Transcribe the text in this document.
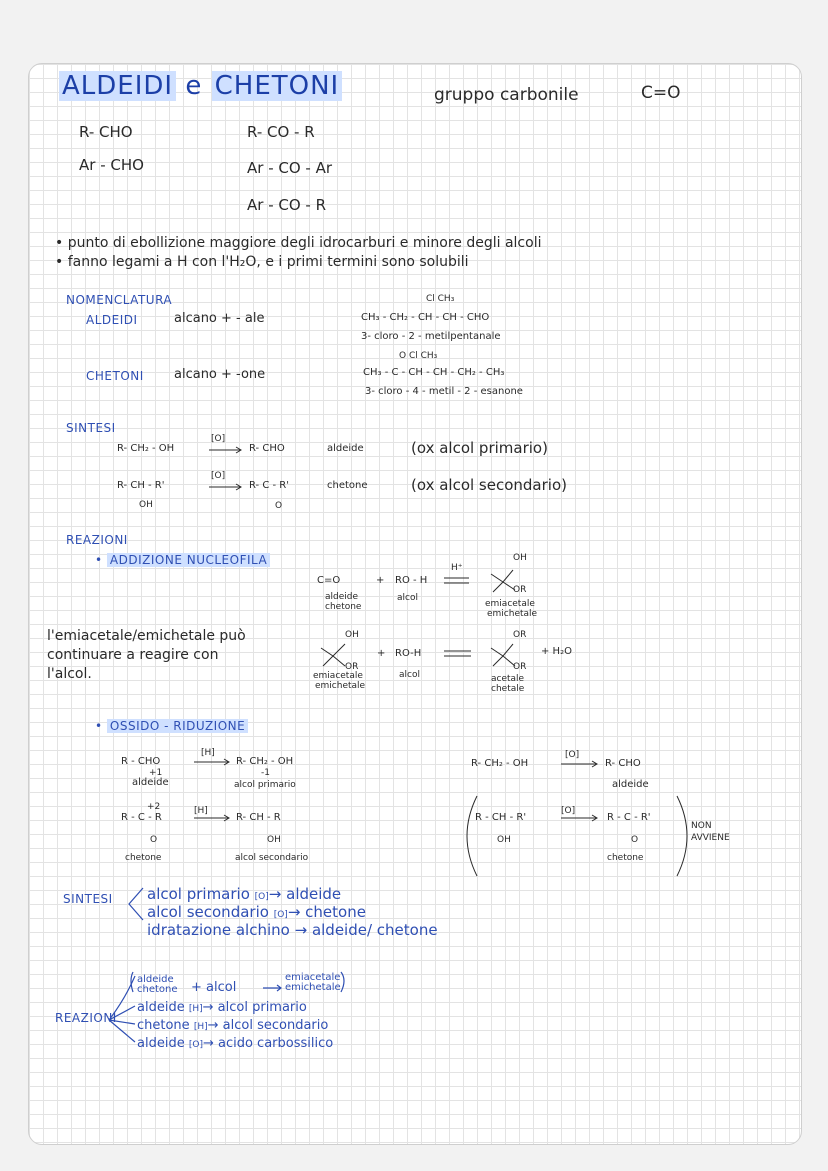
ALDEIDI e CHETONI	gruppo carbonile	C=O
R- CHO
Ar - CHO
R- CO - R
Ar - CO - Ar
Ar - CO - R
• punto di ebollizione maggiore degli idrocarburi e minore degli alcoli
• fanno legami a H con l'H₂O, e i primi termini sono solubili
NOMENCLATURA
ALDEIDI	alcano + - ale
CHETONI alcano + -one
Cl CH₃
CH₃ - CH₂ - CH - CH - CHO
3- cloro - 2 - metilpentanale
O Cl CH₃
CH₃ - C - CH - CH - CH₂ - CH₃
3- cloro - 4 - metil - 2 - esanone
SINTESI
R- CH₂ - OH
[O]
R- CHO	aldeide	(ox alcol primario)
R- CH - R'
OH
[O]
R- C - R'
O
chetone	(ox alcol secondario)
REAZIONI
• ADDIZIONE NUCLEOFILA
C=O	+ RO - H
H⁺
aldeide
chetone
alcol
OH
OR
emiacetale
emichetale
l'emiacetale/emichetale può
continuare a reagire con
l'alcol.
OH
OR
+ RO-H
emiacetale
emichetale
alcol
OR
OR
+ H₂O
acetale
chetale
• OSSIDO - RIDUZIONE
R - CHO
+1
[H]
R- CH₂ - OH
-1
aldeide	alcol primario
+2
R - C - R
[H]
R- CH - R
O	OH
chetone	alcol secondario
R- CH₂ - OH
[O]
R- CHO
aldeide
R - CH - R'
OH
[O]
R - C - R'
O
chetone
NON
AVVIENE
SINTESI alcol primario [O]→ aldeide
alcol secondario [O]→ chetone
idratazione alchino → aldeide/ chetone
REAZIONI
aldeide
chetone + alcol
emiacetale
emichetale
aldeide [H]→ alcol primario
chetone [H]→ alcol secondario
aldeide [O]→ acido carbossilico
